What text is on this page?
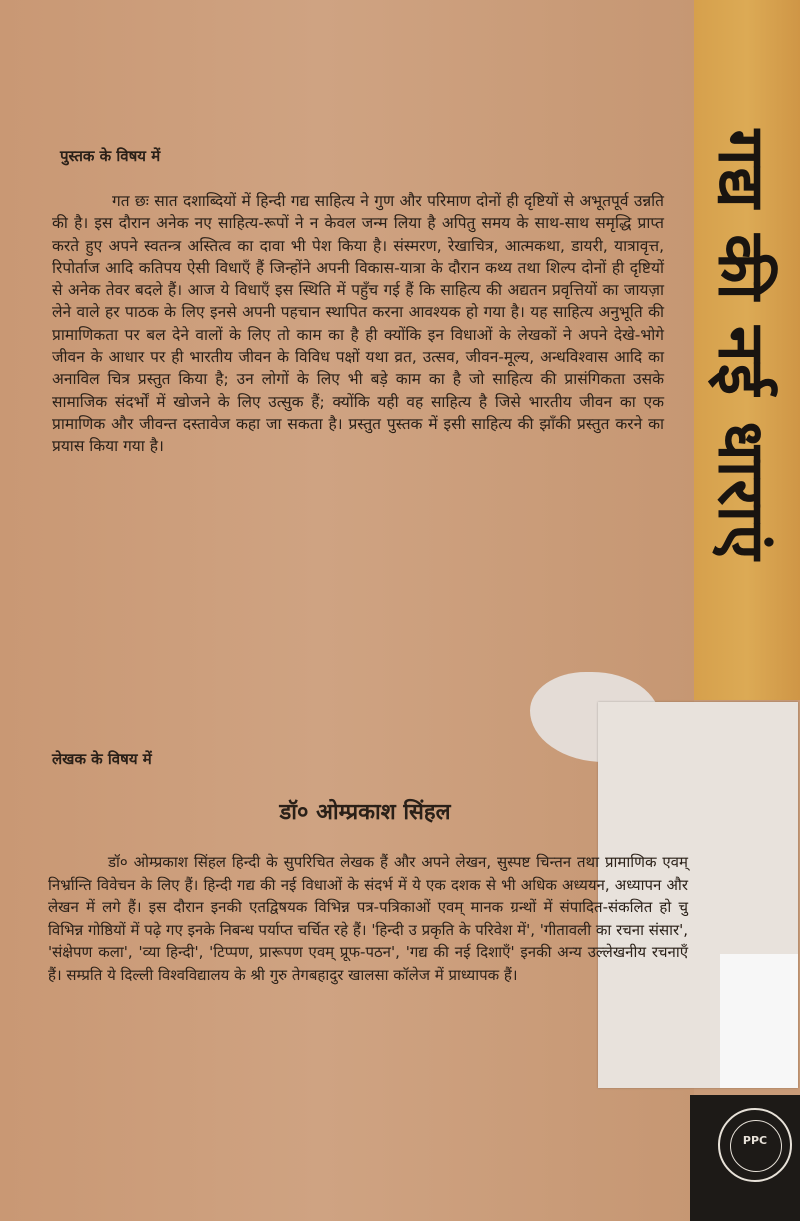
गद्य की नई धाराएं
PPC
पुस्तक के विषय में
गत छः सात दशाब्दियों में हिन्दी गद्य साहित्य ने गुण और परिमाण दोनों ही दृष्टियों से अभूतपूर्व उन्नति की है। इस दौरान अनेक नए साहित्य-रूपों ने न केवल जन्म लिया है अपितु समय के साथ-साथ समृद्धि प्राप्त करते हुए अपने स्वतन्त्र अस्तित्व का दावा भी पेश किया है। संस्मरण, रेखाचित्र, आत्मकथा, डायरी, यात्रावृत्त, रिपोर्ताज आदि कतिपय ऐसी विधाएँ हैं जिन्होंने अपनी विकास-यात्रा के दौरान कथ्य तथा शिल्प दोनों ही दृष्टियों से अनेक तेवर बदले हैं। आज ये विधाएँ इस स्थिति में पहुँच गई हैं कि साहित्य की अद्यतन प्रवृत्तियों का जायज़ा लेने वाले हर पाठक के लिए इनसे अपनी पहचान स्थापित करना आवश्यक हो गया है। यह साहित्य अनुभूति की प्रामाणिकता पर बल देने वालों के लिए तो काम का है ही क्योंकि इन विधाओं के लेखकों ने अपने देखे-भोगे जीवन के आधार पर ही भारतीय जीवन के विविध पक्षों यथा व्रत, उत्सव, जीवन-मूल्य, अन्धविश्वास आदि का अनाविल चित्र प्रस्तुत किया है; उन लोगों के लिए भी बड़े काम का है जो साहित्य की प्रासंगिकता उसके सामाजिक संदर्भों में खोजने के लिए उत्सुक हैं; क्योंकि यही वह साहित्य है जिसे भारतीय जीवन का एक प्रामाणिक और जीवन्त दस्तावेज कहा जा सकता है। प्रस्तुत पुस्तक में इसी साहित्य की झाँकी प्रस्तुत करने का प्रयास किया गया है।
लेखक के विषय में
डॉ० ओम्प्रकाश सिंहल
डॉ० ओम्प्रकाश सिंहल हिन्दी के सुपरिचित लेखक हैं और अपने लेखन, सुस्पष्ट चिन्तन तथा प्रामाणिक एवम् निर्भ्रान्ति विवेचन के लिए हैं। हिन्दी गद्य की नई विधाओं के संदर्भ में ये एक दशक से भी अधिक अध्ययन, अध्यापन और लेखन में लगे हैं। इस दौरान इनकी एतद्विषयक विभिन्न पत्र-पत्रिकाओं एवम् मानक ग्रन्थों में संपादित-संकलित हो चु विभिन्न गोष्ठियों में पढ़े गए इनके निबन्ध पर्याप्त चर्चित रहे हैं। 'हिन्दी उ प्रकृति के परिवेश में', 'गीतावली का रचना संसार', 'संक्षेपण कला', 'व्या हिन्दी', 'टिप्पण, प्रारूपण एवम् प्रूफ-पठन', 'गद्य की नई दिशाएँ' इनकी अन्य उल्लेखनीय रचनाएँ हैं। सम्प्रति ये दिल्ली विश्वविद्यालय के श्री गुरु तेगबहादुर खालसा कॉलेज में प्राध्यापक हैं।
